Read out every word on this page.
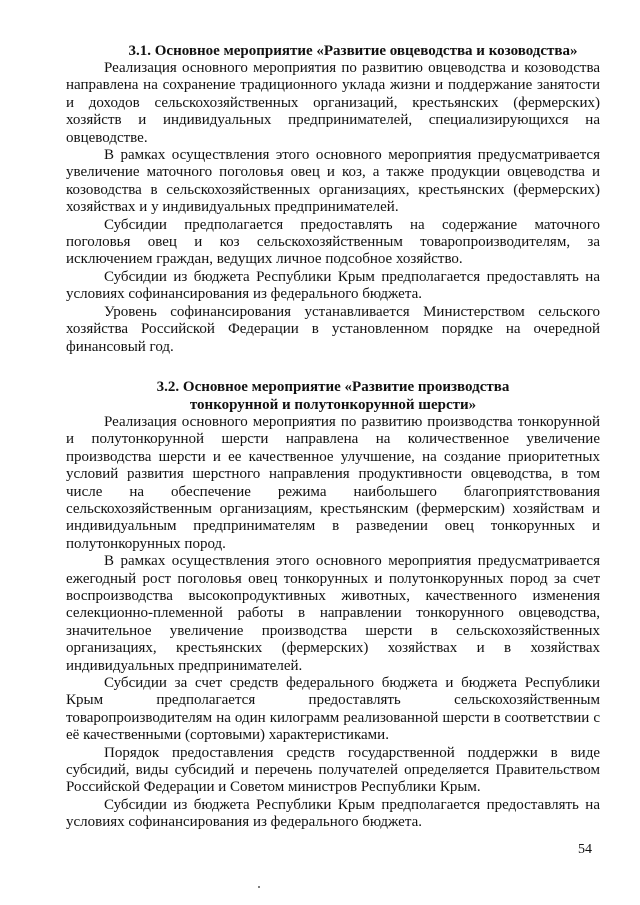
3.1. Основное мероприятие «Развитие овцеводства и козоводства»

Реализация основного мероприятия по развитию овцеводства и козоводства направлена на сохранение традиционного уклада жизни и поддержание занятости и доходов сельскохозяйственных организаций, крестьянских (фермерских) хозяйств и индивидуальных предпринимателей, специализирующихся на овцеводстве.

В рамках осуществления этого основного мероприятия предусматривается увеличение маточного поголовья овец и коз, а также продукции овцеводства и козоводства в сельскохозяйственных организациях, крестьянских (фермерских) хозяйствах и у индивидуальных предпринимателей.

Субсидии предполагается предоставлять на содержание маточного поголовья овец и коз сельскохозяйственным товаропроизводителям, за исключением граждан, ведущих личное подсобное хозяйство.

Субсидии из бюджета Республики Крым предполагается предоставлять на условиях софинансирования из федерального бюджета.

Уровень софинансирования устанавливается Министерством сельского хозяйства Российской Федерации в установленном порядке на очередной финансовый год.

3.2. Основное мероприятие «Развитие производства
тонкорунной и полутонкорунной шерсти»

Реализация основного мероприятия по развитию производства тонкорунной и полутонкорунной шерсти направлена на количественное увеличение производства шерсти и ее качественное улучшение, на создание приоритетных условий развития шерстного направления продуктивности овцеводства, в том числе на обеспечение режима наибольшего благоприятствования сельскохозяйственным организациям, крестьянским (фермерским) хозяйствам и индивидуальным предпринимателям в разведении овец тонкорунных и полутонкорунных пород.

В рамках осуществления этого основного мероприятия предусматривается ежегодный рост поголовья овец тонкорунных и полутонкорунных пород за счет воспроизводства высокопродуктивных животных, качественного изменения селекционно-племенной работы в направлении тонкорунного овцеводства, значительное увеличение производства шерсти в сельскохозяйственных организациях, крестьянских (фермерских) хозяйствах и в хозяйствах индивидуальных предпринимателей.

Субсидии за счет средств федерального бюджета и бюджета Республики Крым предполагается предоставлять сельскохозяйственным товаропроизводителям на один килограмм реализованной шерсти в соответствии с её качественными (сортовыми) характеристиками.

Порядок предоставления средств государственной поддержки в виде субсидий, виды субсидий и перечень получателей определяется Правительством Российской Федерации и Советом министров Республики Крым.

Субсидии из бюджета Республики Крым предполагается предоставлять на условиях софинансирования из федерального бюджета.

54
